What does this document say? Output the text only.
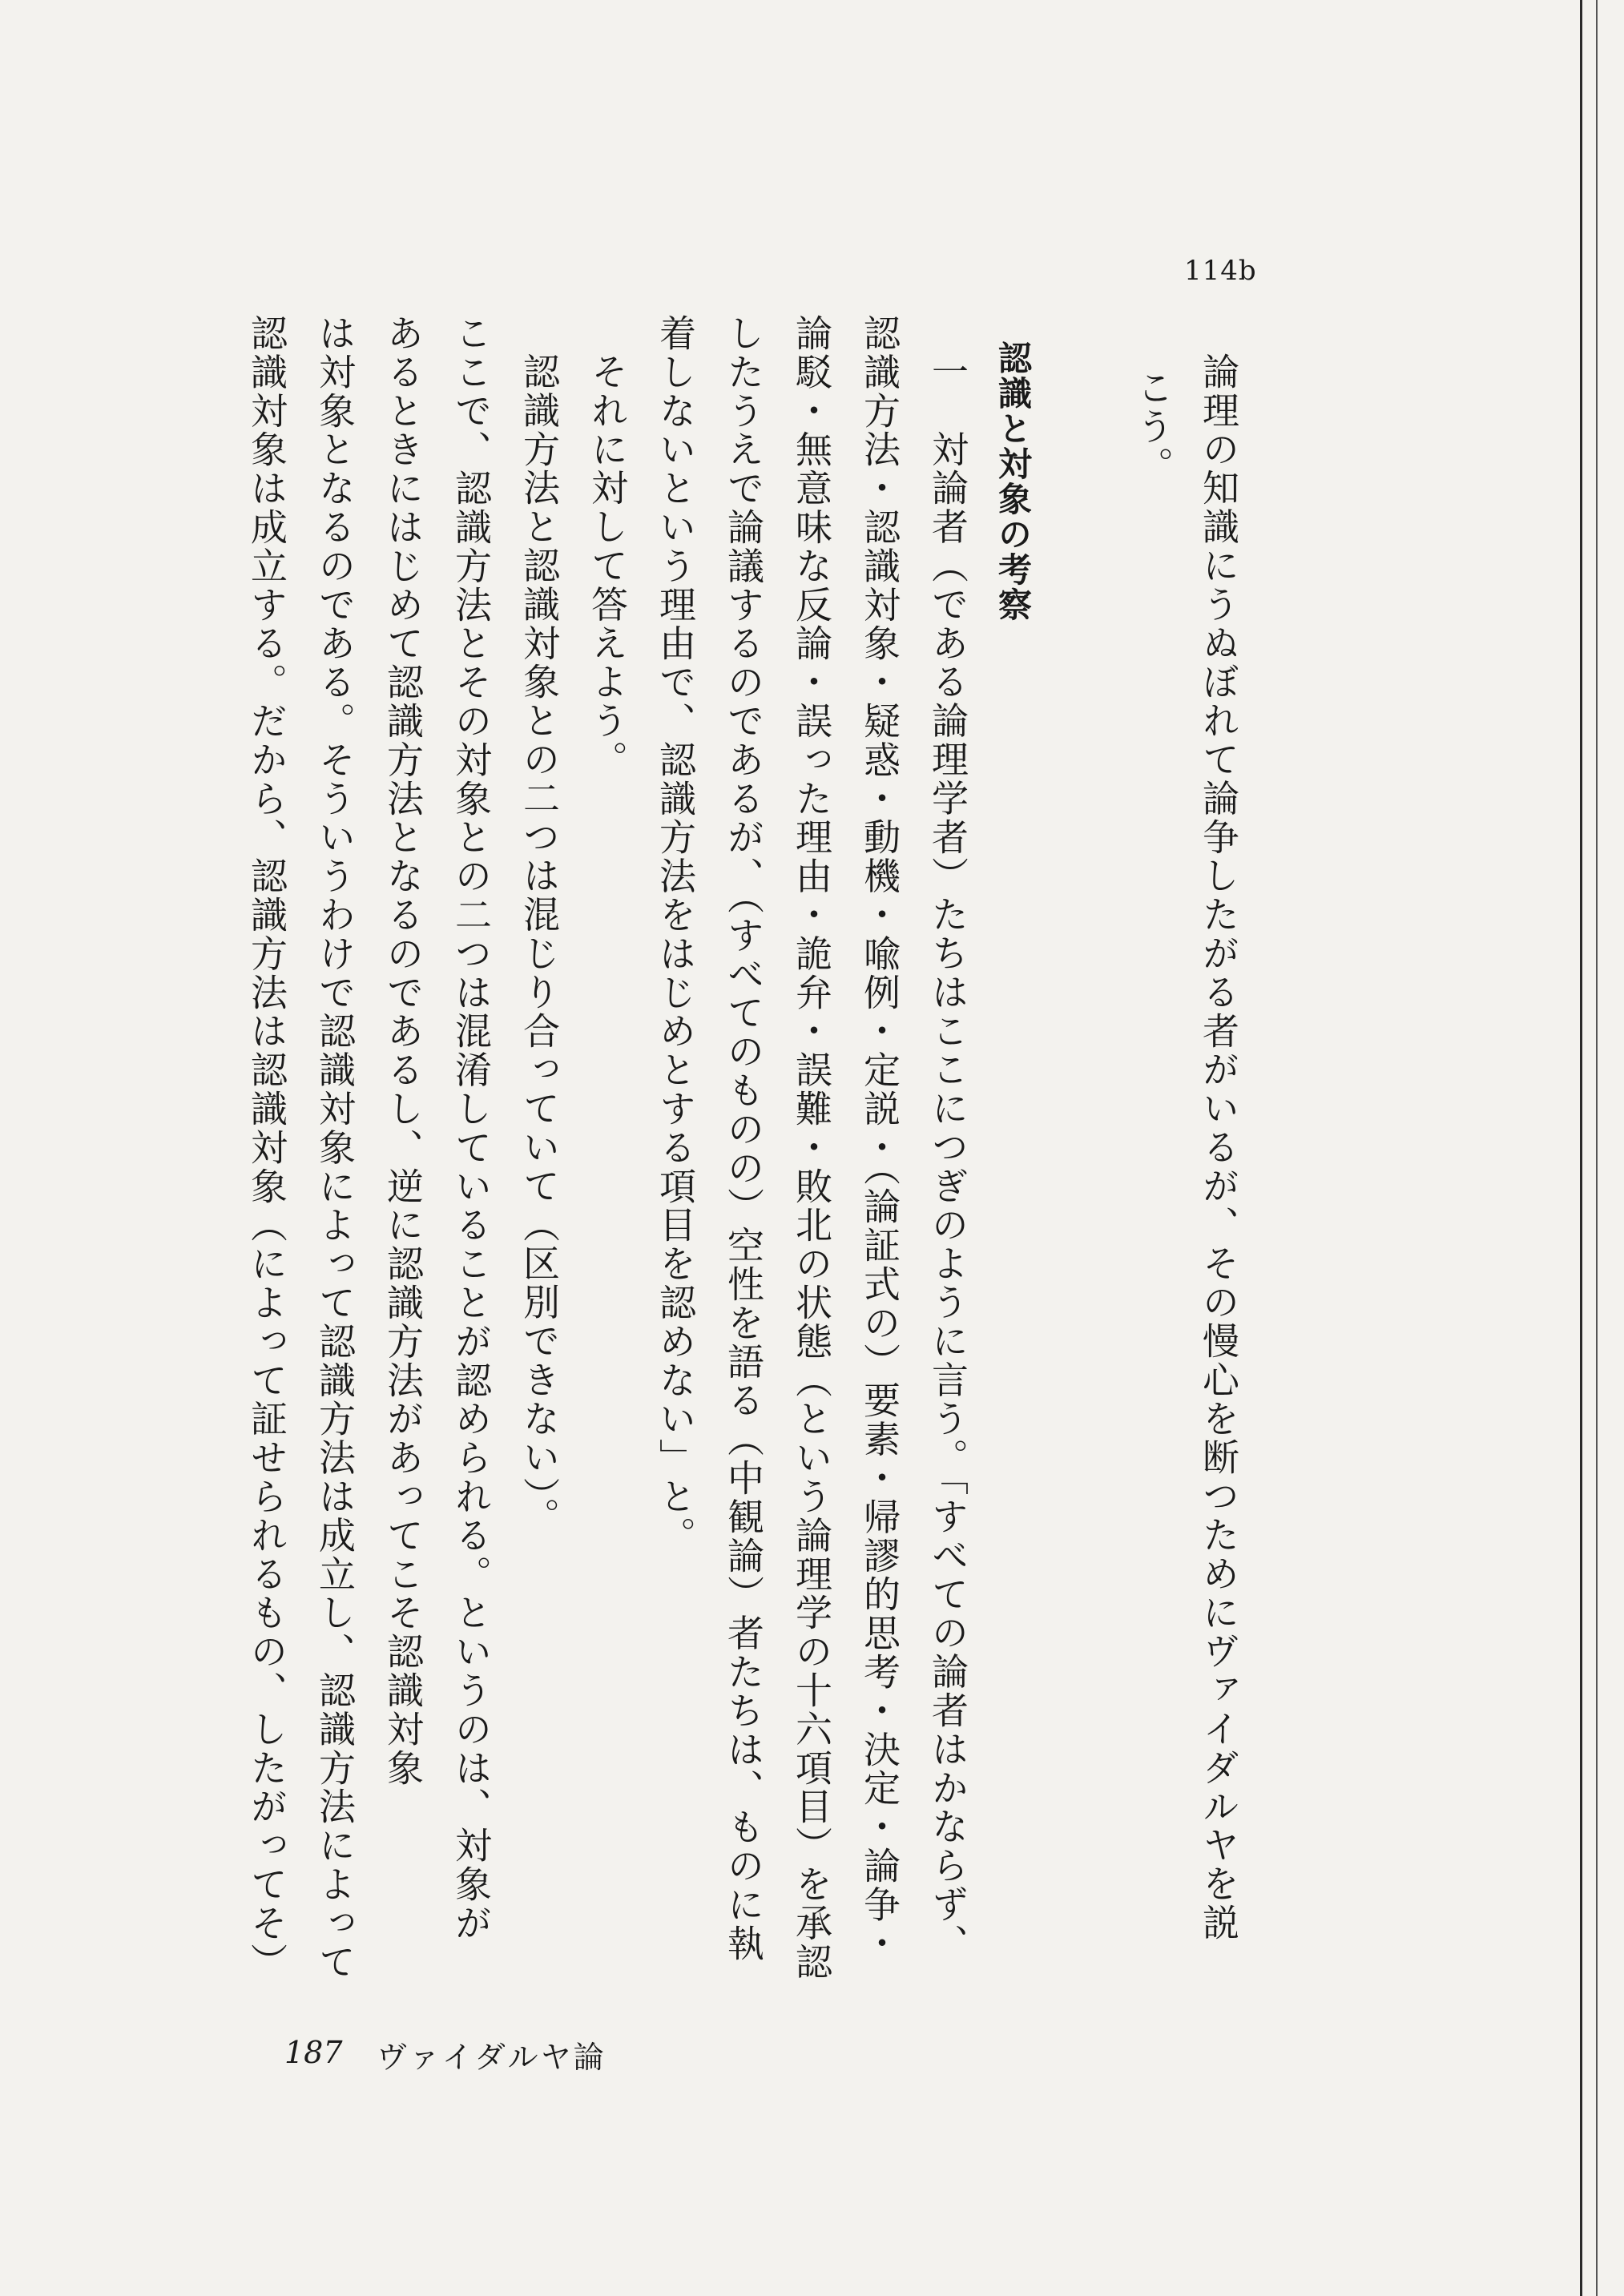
114b
論理の知識にうぬぼれて論争したがる者がいるが、その慢心を断つためにヴァイダルヤを説
こう。
認識と対象の考察
一　対論者（である論理学者）たちはここにつぎのように言う。「すべての論者はかならず、
認識方法・認識対象・疑惑・動機・喩例・定説・（論証式の）要素・帰謬的思考・決定・論争・
論駁・無意味な反論・誤った理由・詭弁・誤難・敗北の状態（という論理学の十六項目）を承認
したうえで論議するのであるが、（すべてのものの）空性を語る（中観論）者たちは、ものに執
着しないという理由で、認識方法をはじめとする項目を認めない」と。
それに対して答えよう。
認識方法と認識対象との二つは混じり合っていて（区別できない）。
ここで、認識方法とその対象との二つは混淆していることが認められる。というのは、対象が
あるときにはじめて認識方法となるのであるし、逆に認識方法があってこそ認識対象
は対象となるのである。そういうわけで認識対象によって認識方法は成立し、認識方法によって
認識対象は成立する。だから、認識方法は認識対象（によって証せられるもの、したがってそ）
187 ヴァイダルヤ論
